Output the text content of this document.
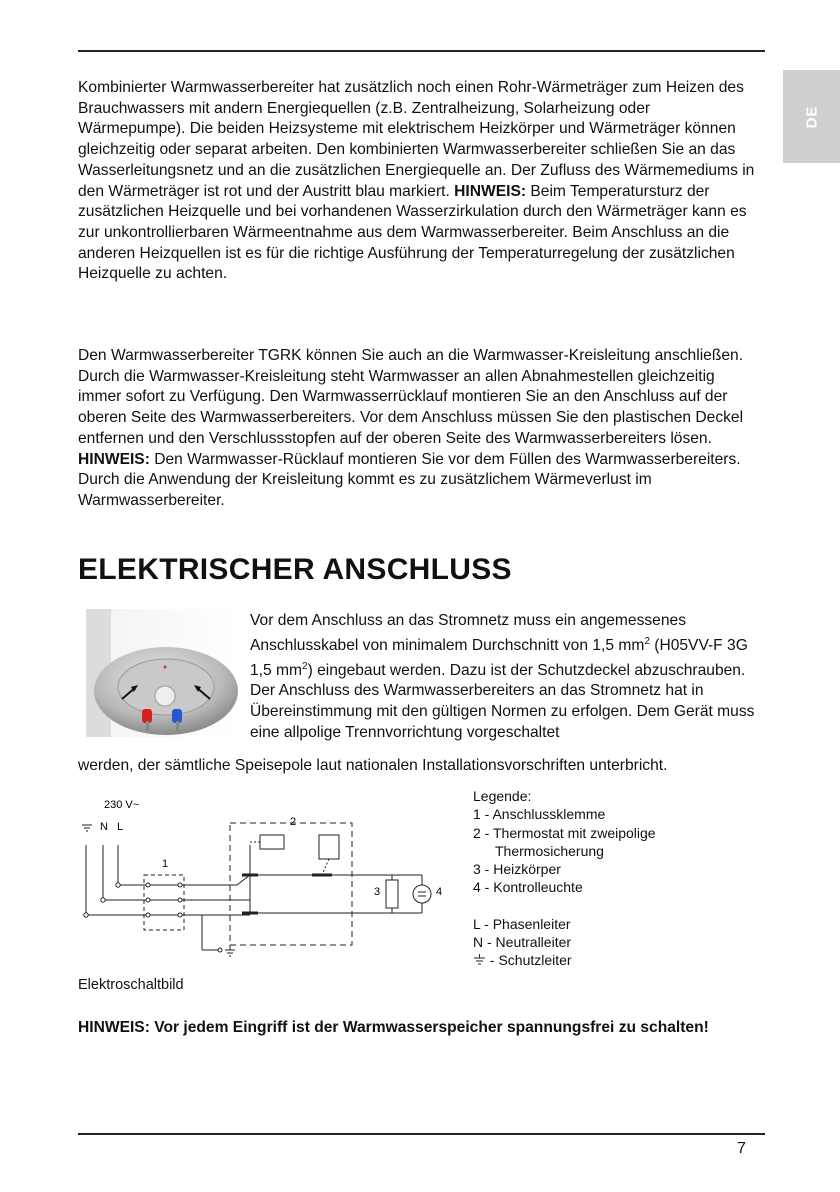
DE

Kombinierter Warmwasserbereiter hat zusätzlich noch einen Rohr-Wärmeträger zum Heizen des Brauchwassers mit andern Energiequellen (z.B. Zentralheizung, Solarheizung oder Wärmepumpe). Die beiden Heizsysteme mit elektrischem Heizkörper und Wärmeträger können gleichzeitig oder separat arbeiten. Den kombinierten Warmwasserbereiter schließen Sie an das Wasserleitungsnetz und an die zusätzlichen Energiequelle an. Der Zufluss des Wärmemediums in den Wärmeträger ist rot und der Austritt blau markiert. HINWEIS: Beim Temperatursturz der zusätzlichen Heizquelle und bei vorhandenen Wasserzirkulation durch den Wärmeträger kann es zur unkontrollierbaren Wärmeentnahme aus dem Warmwasserbereiter. Beim Anschluss an die anderen Heizquellen ist es für die richtige Ausführung der Temperaturregelung der zusätzlichen Heizquelle zu achten.

Den Warmwasserbereiter TGRK können Sie auch an die Warmwasser-Kreisleitung anschließen. Durch die Warmwasser-Kreisleitung steht Warmwasser an allen Abnahmestellen gleichzeitig immer sofort zu Verfügung. Den Warmwasserrücklauf montieren Sie an den Anschluss auf der oberen Seite des Warmwasserbereiters. Vor dem Anschluss müssen Sie den plastischen Deckel entfernen und den Verschlussstopfen auf der oberen Seite des Warmwasserbereiters lösen. HINWEIS: Den Warmwasser-Rücklauf montieren Sie vor dem Füllen des Warmwasserbereiters. Durch die Anwendung der Kreisleitung kommt es zu zusätzlichem Wärmeverlust im Warmwasserbereiter.

ELEKTRISCHER ANSCHLUSS

Vor dem Anschluss an das Stromnetz muss ein angemessenes Anschlusskabel von minimalem Durchschnitt von 1,5 $mm^2$ (H05VV-F 3G 1,5 $mm^2$) eingebaut werden. Dazu ist der Schutzdeckel abzuschrauben.
Der Anschluss des Warmwasserbereiters an das Stromnetz hat in Übereinstimmung mit den gültigen Normen zu erfolgen. Dem Gerät muss eine allpolige Trennvorrichtung vorgeschaltet

werden, der sämtliche Speisepole laut nationalen Installationsvorschriften unterbricht.

230 V~
N L
1
2
3	4
Legende:
1 - Anschlussklemme
2 - Thermostat mit zweipolige
Thermosicherung
3 - Heizkörper
4 - Kontrolleuchte
L - Phasenleiter
N - Neutralleiter
- Schutzleiter
Elektroschaltbild

HINWEIS: Vor jedem Eingriff ist der Warmwasserspeicher spannungsfrei zu schalten!

7
